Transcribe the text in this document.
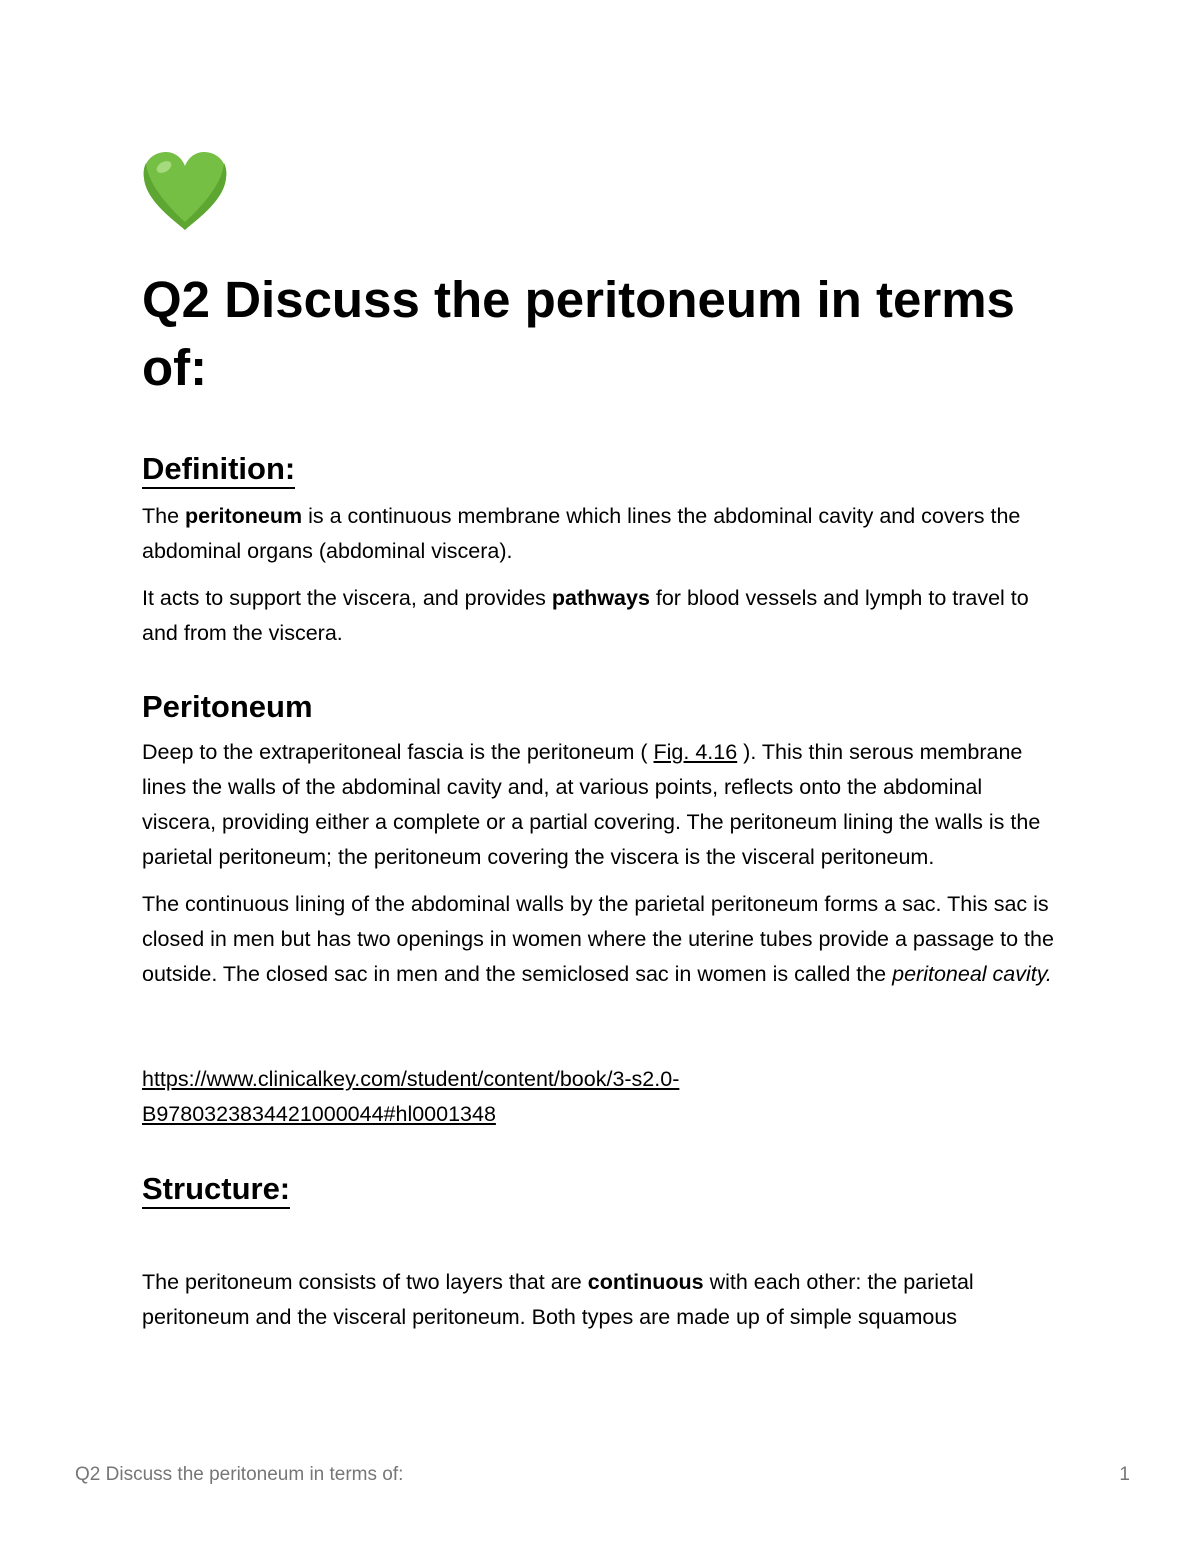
Q2 Discuss the peritoneum in terms of:
Definition:

The peritoneum is a continuous membrane which lines the abdominal cavity and covers the abdominal organs (abdominal viscera).

It acts to support the viscera, and provides pathways for blood vessels and lymph to travel to and from the viscera.

Peritoneum

Deep to the extraperitoneal fascia is the peritoneum ( Fig. 4.16 ). This thin serous membrane lines the walls of the abdominal cavity and, at various points, reflects onto the abdominal viscera, providing either a complete or a partial covering. The peritoneum lining the walls is the parietal peritoneum; the peritoneum covering the viscera is the visceral peritoneum.

The continuous lining of the abdominal walls by the parietal peritoneum forms a sac. This sac is closed in men but has two openings in women where the uterine tubes provide a passage to the outside. The closed sac in men and the semiclosed sac in women is called the peritoneal cavity.

https://www.clinicalkey.com/student/content/book/3-s2.0-
B9780323834421000044#hl0001348

Structure:

The peritoneum consists of two layers that are continuous with each other: the parietal peritoneum and the visceral peritoneum. Both types are made up of simple squamous

Q2 Discuss the peritoneum in terms of:	1
